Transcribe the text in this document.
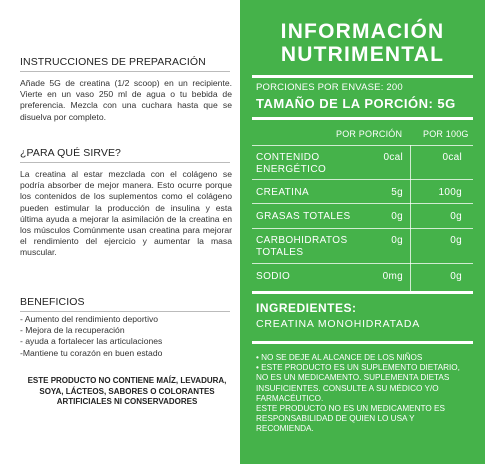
INSTRUCCIONES DE PREPARACIÓN

Añade 5G de creatina (1/2 scoop) en un recipiente. Vierte en un vaso 250 ml de agua o tu bebida de preferencia. Mezcla con una cuchara hasta que se disuelva por completo.

¿PARA QUÉ SIRVE?

La creatina al estar mezclada con el colágeno se podría absorber de mejor manera. Esto ocurre porque los contenidos de los suplementos como el colágeno pueden estimular la producción de insulina y esta última ayuda a mejorar la asimilación de la creatina en los músculos Comúnmente usan creatina para mejorar el rendimiento del ejercicio y aumentar la masa muscular.

BENEFICIOS
- Aumento del rendimiento deportivo
- Mejora de la recuperación
- ayuda a fortalecer las articulaciones
-Mantiene tu corazón en buen estado

ESTE PRODUCTO NO CONTIENE MAÍZ, LEVADURA, SOYA, LÁCTEOS, SABORES O COLORANTES ARTIFICIALES NI CONSERVADORES

INFORMACIÓN
NUTRIMENTAL
PORCIONES POR ENVASE: 200
TAMAÑO DE LA PORCIÓN: 5G
POR PORCIÓN POR 100G
CONTENIDO
ENERGÉTICO
0cal	0cal
CREATINA	5g	100g
GRASAS TOTALES	0g	0g
CARBOHIDRATOS
TOTALES
0g	0g
SODIO	0mg	0g
INGREDIENTES:
CREATINA MONOHIDRATADA
• NO SE DEJE AL ALCANCE DE LOS NIÑOS
• ESTE PRODUCTO ES UN SUPLEMENTO DIETARIO, NO ES UN MEDICAMENTO. SUPLEMENTA DIETAS INSUFICIENTES. CONSULTE A SU MÉDICO Y/O FARMACÉUTICO.
ESTE PRODUCTO NO ES UN MEDICAMENTO ES RESPONSABILIDAD DE QUIEN LO USA Y RECOMIENDA.
